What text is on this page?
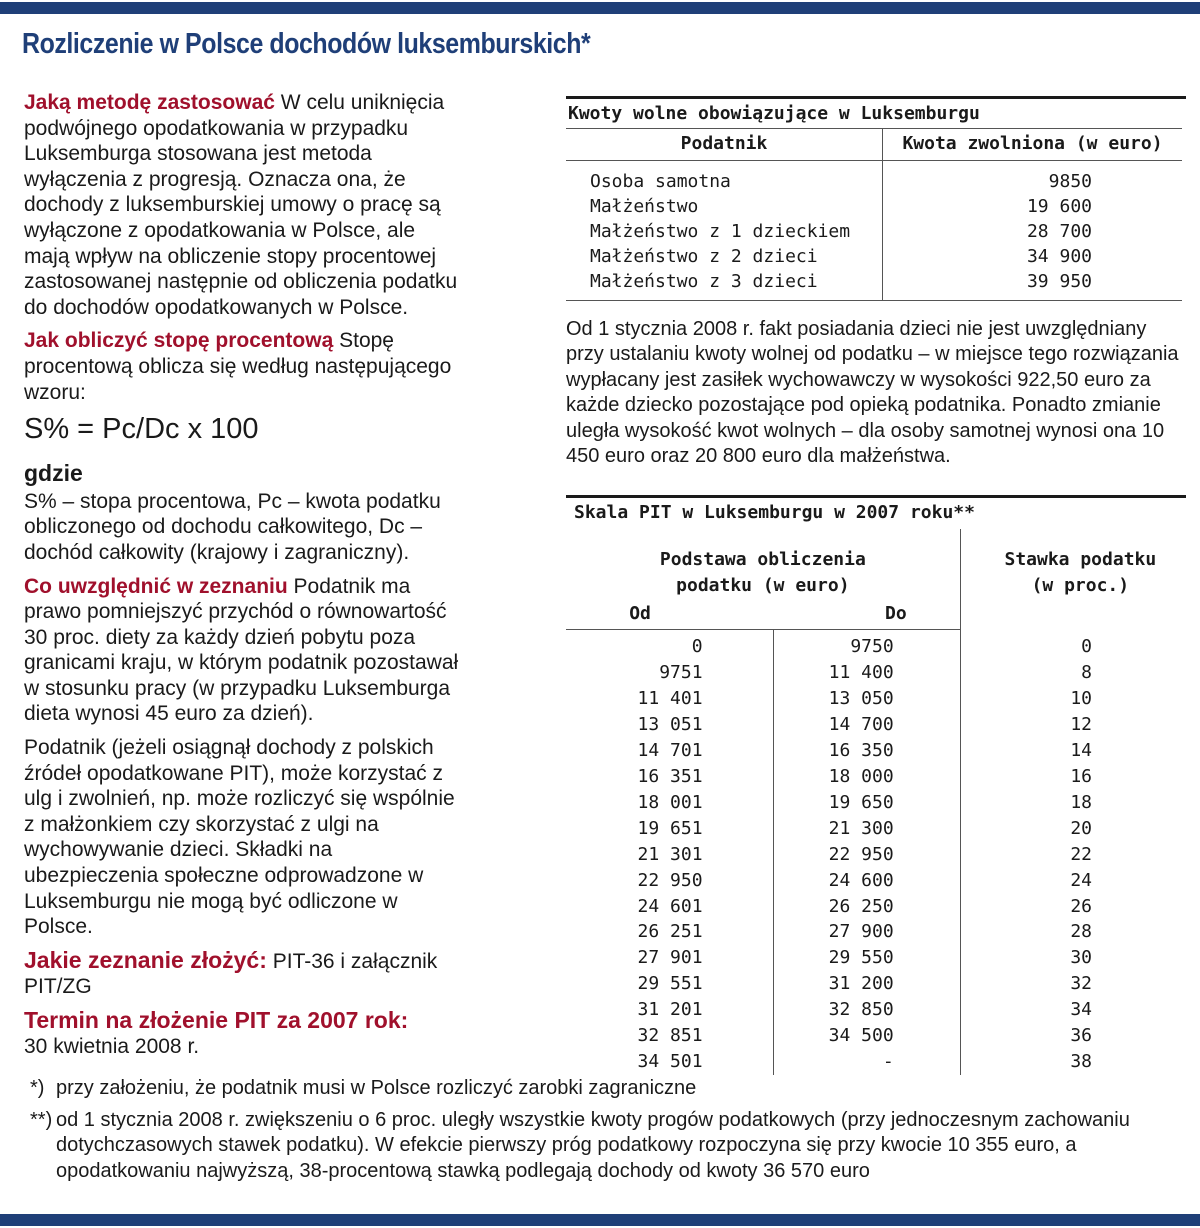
Rozliczenie w Polsce dochodów luksemburskich*

Jaką metodę zastosować W celu uniknięcia podwójnego opodatkowania w przypadku Luksemburga stosowana jest metoda wyłączenia z progresją. Oznacza ona, że dochody z luksemburskiej umowy o pracę są wyłączone z opodatkowania w Polsce, ale mają wpływ na obliczenie stopy procentowej zastosowanej następnie od obliczenia podatku do dochodów opodatkowanych w Polsce.

Jak obliczyć stopę procentową Stopę procentową oblicza się według następującego wzoru:

S% = Pc/Dc x 100

gdzie

S% – stopa procentowa, Pc – kwota podatku obliczonego od dochodu całkowitego, Dc – dochód całkowity (krajowy i zagraniczny).

Co uwzględnić w zeznaniu Podatnik ma prawo pomniejszyć przychód o równowartość 30 proc. diety za każdy dzień pobytu poza granicami kraju, w którym podatnik pozostawał w stosunku pracy (w przypadku Luksemburga dieta wynosi 45 euro za dzień).

Podatnik (jeżeli osiągnął dochody z polskich źródeł opodatkowane PIT), może korzystać z ulg i zwolnień, np. może rozliczyć się wspólnie z małżonkiem czy skorzystać z ulgi na wychowywanie dzieci. Składki na ubezpieczenia społeczne odprowadzone w Luksemburgu nie mogą być odliczone w Polsce.

Jakie zeznanie złożyć: PIT-36 i załącznik PIT/ZG

Termin na złożenie PIT za 2007 rok:
30 kwietnia 2008 r.

Kwoty wolne obowiązujące w Luksemburgu

Podatnik	Kwota zwolniona (w euro)
Osoba samotna	9850
Małżeństwo	19 600
Małżeństwo z 1 dzieckiem	28 700
Małżeństwo z 2 dzieci	34 900
Małżeństwo z 3 dzieci	39 950

Od 1 stycznia 2008 r. fakt posiadania dzieci nie jest uwzględniany przy ustalaniu kwoty wolnej od podatku – w miejsce tego rozwiązania wypłacany jest zasiłek wychowawczy w wysokości 922,50 euro za każde dziecko pozostające pod opieką podatnika. Ponadto zmianie uległa wysokość kwot wolnych – dla osoby samotnej wynosi ona 10 450 euro oraz 20 800 euro dla małżeństwa.

Skala PIT w Luksemburgu w 2007 roku**

Podstawa obliczenia
podatku (w euro)		Stawka podatku
(w proc.)
Od	Do	
0	9750	0
9751	11 400	8
11 401	13 050	10
13 051	14 700	12
14 701	16 350	14
16 351	18 000	16
18 001	19 650	18
19 651	21 300	20
21 301	22 950	22
22 950	24 600	24
24 601	26 250	26
26 251	27 900	28
27 901	29 550	30
29 551	31 200	32
31 201	32 850	34
32 851	34 500	36
34 501	-	38

*) przy założeniu, że podatnik musi w Polsce rozliczyć zarobki zagraniczne

**) od 1 stycznia 2008 r. zwiększeniu o 6 proc. uległy wszystkie kwoty progów podatkowych (przy jednoczesnym zachowaniu dotychczasowych stawek podatku). W efekcie pierwszy próg podatkowy rozpoczyna się przy kwocie 10 355 euro, a opodatkowaniu najwyższą, 38-procentową stawką podlegają dochody od kwoty 36 570 euro
